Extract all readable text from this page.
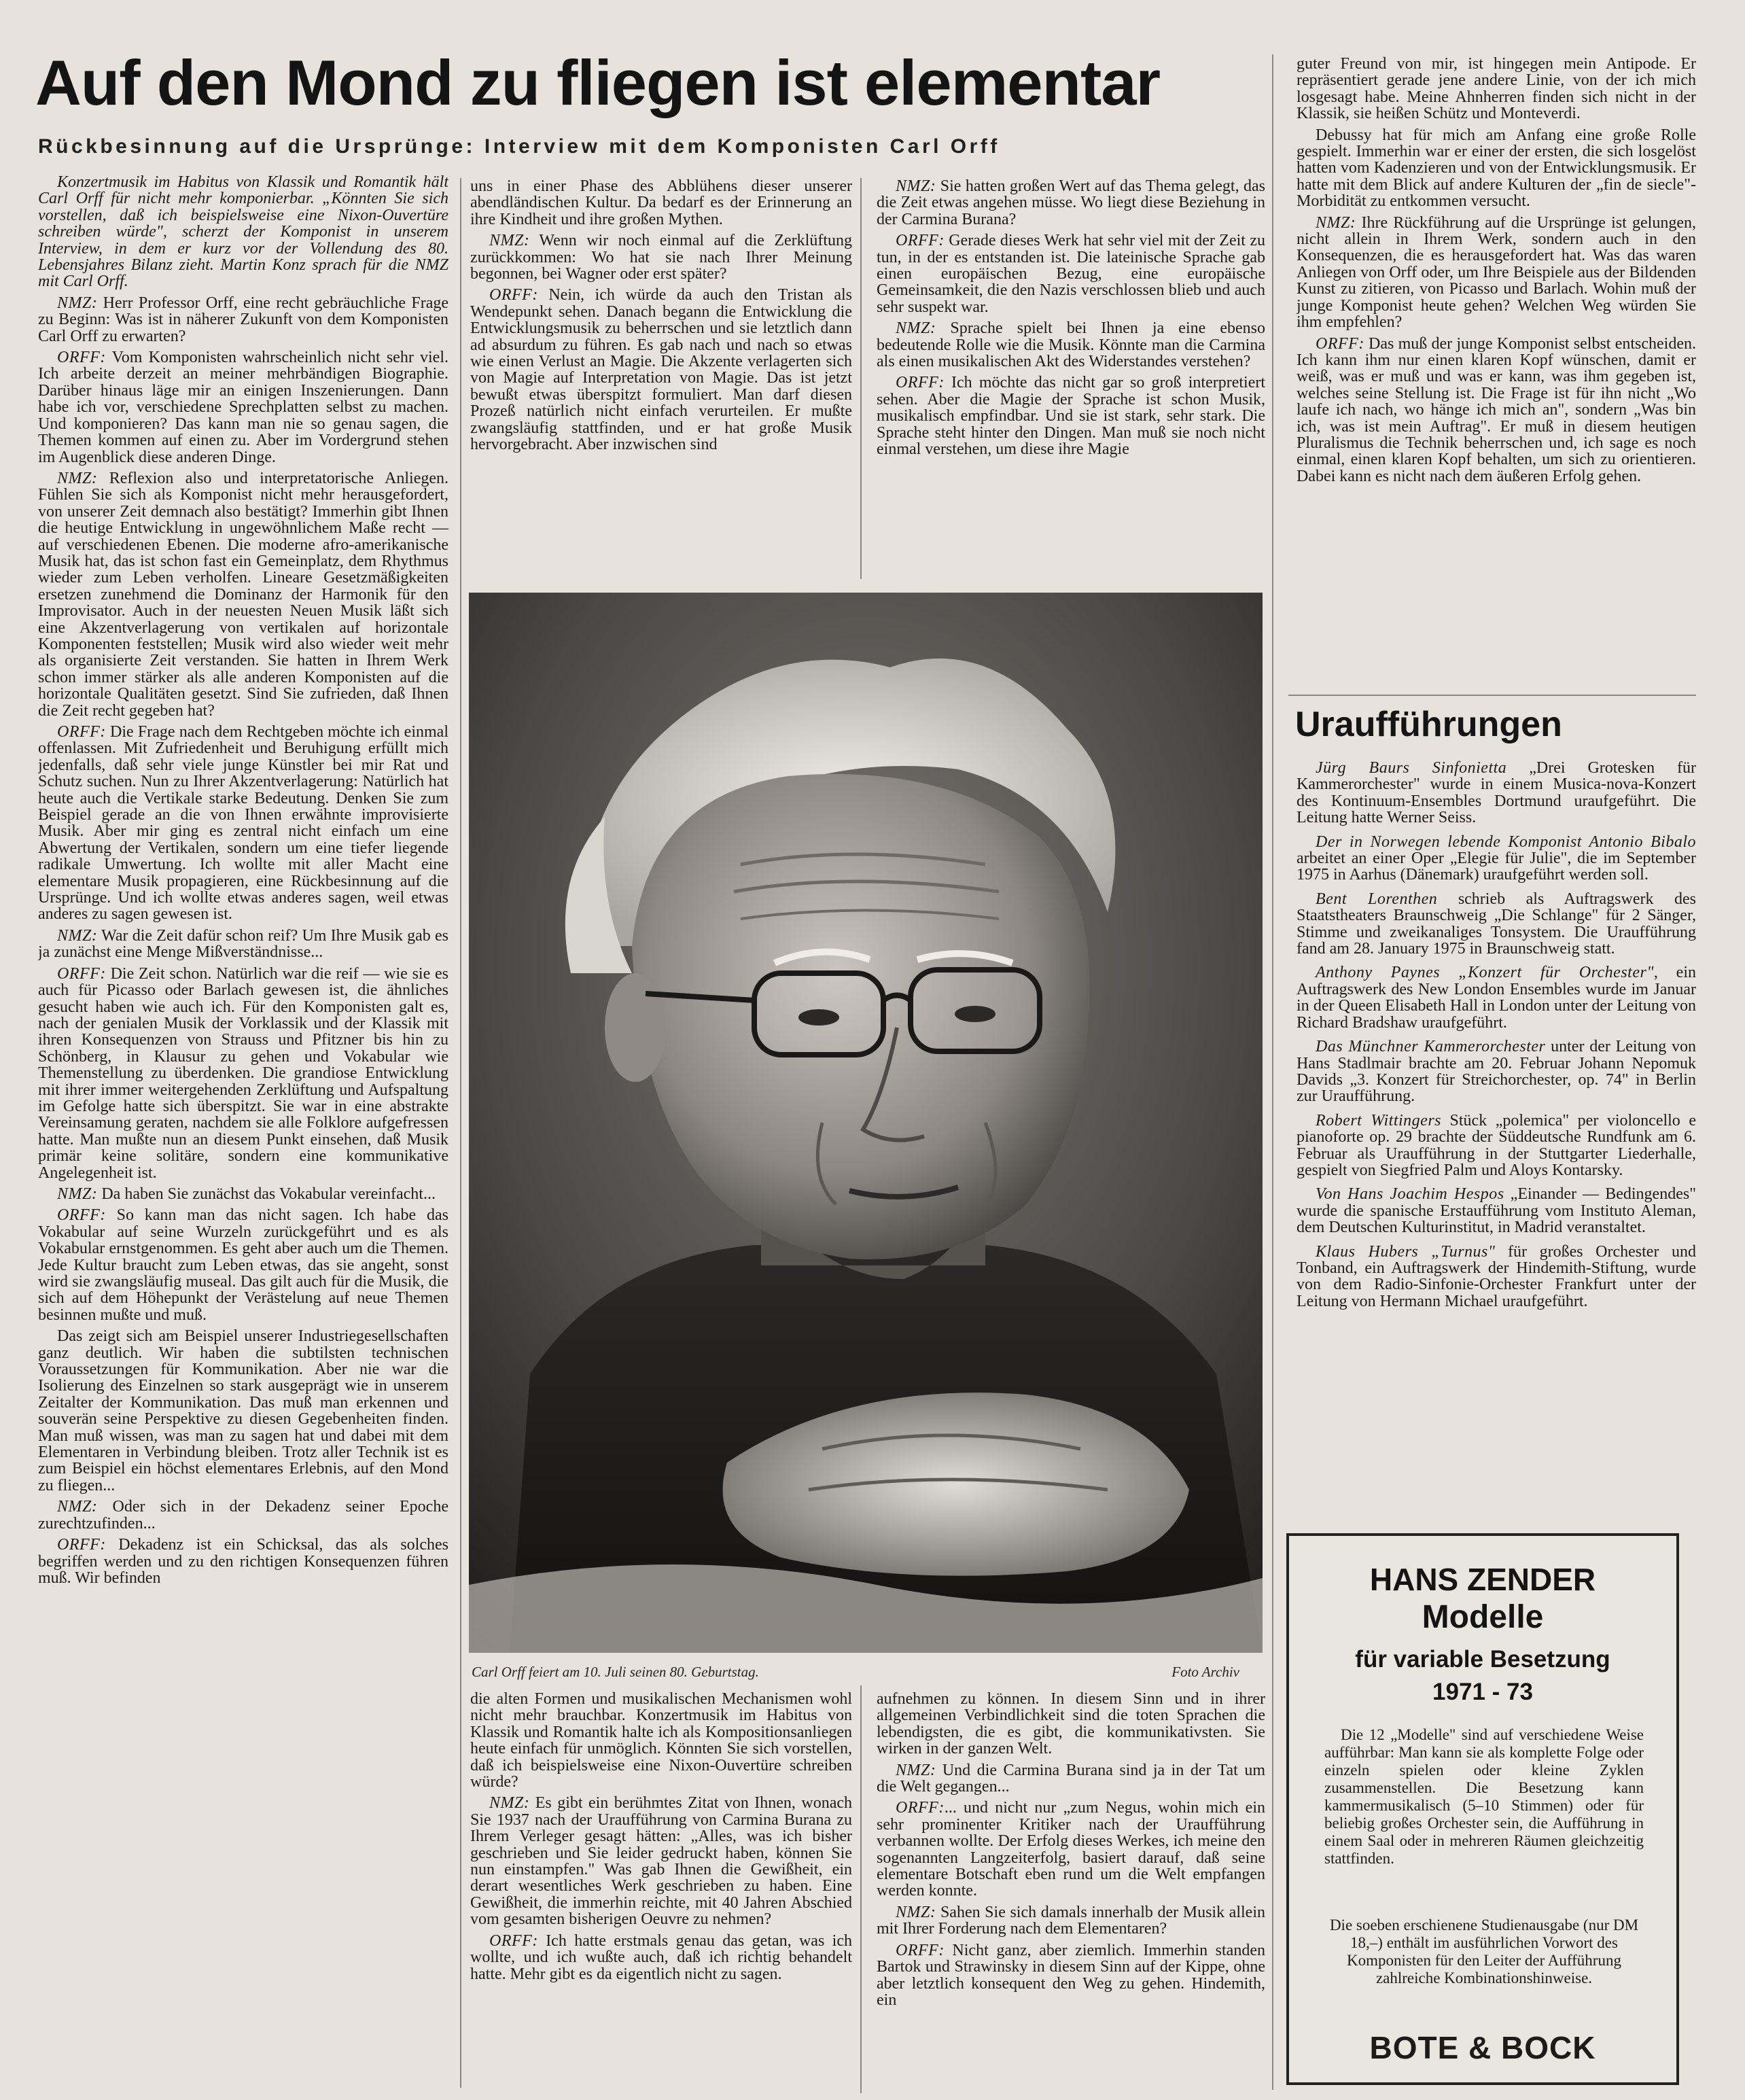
Auf den Mond zu fliegen ist elementar
Rückbesinnung auf die Ursprünge: Interview mit dem Komponisten Carl Orff

Konzertmusik im Habitus von Klassik und Romantik hält Carl Orff für nicht mehr komponierbar. „Könnten Sie sich vorstellen, daß ich beispielsweise eine Nixon-Ouvertüre schreiben würde", scherzt der Komponist in unserem Interview, in dem er kurz vor der Vollendung des 80. Lebensjahres Bilanz zieht. Martin Konz sprach für die NMZ mit Carl Orff.

NMZ: Herr Professor Orff, eine recht gebräuchliche Frage zu Beginn: Was ist in näherer Zukunft von dem Komponisten Carl Orff zu erwarten?

ORFF: Vom Komponisten wahrscheinlich nicht sehr viel. Ich arbeite derzeit an meiner mehrbändigen Biographie. Darüber hinaus läge mir an einigen Inszenierungen. Dann habe ich vor, verschiedene Sprechplatten selbst zu machen. Und komponieren? Das kann man nie so genau sagen, die Themen kommen auf einen zu. Aber im Vordergrund stehen im Augenblick diese anderen Dinge.

NMZ: Reflexion also und interpretatorische Anliegen. Fühlen Sie sich als Komponist nicht mehr herausgefordert, von unserer Zeit demnach also bestätigt? Immerhin gibt Ihnen die heutige Entwicklung in ungewöhnlichem Maße recht — auf verschiedenen Ebenen. Die moderne afro-amerikanische Musik hat, das ist schon fast ein Gemeinplatz, dem Rhythmus wieder zum Leben verholfen. Lineare Gesetzmäßigkeiten ersetzen zunehmend die Dominanz der Harmonik für den Improvisator. Auch in der neuesten Neuen Musik läßt sich eine Akzentverlagerung von vertikalen auf horizontale Komponenten feststellen; Musik wird also wieder weit mehr als organisierte Zeit verstanden. Sie hatten in Ihrem Werk schon immer stärker als alle anderen Komponisten auf die horizontale Qualitäten gesetzt. Sind Sie zufrieden, daß Ihnen die Zeit recht gegeben hat?

ORFF: Die Frage nach dem Rechtgeben möchte ich einmal offenlassen. Mit Zufriedenheit und Beruhigung erfüllt mich jedenfalls, daß sehr viele junge Künstler bei mir Rat und Schutz suchen. Nun zu Ihrer Akzentverlagerung: Natürlich hat heute auch die Vertikale starke Bedeutung. Denken Sie zum Beispiel gerade an die von Ihnen erwähnte improvisierte Musik. Aber mir ging es zentral nicht einfach um eine Abwertung der Vertikalen, sondern um eine tiefer liegende radikale Umwertung. Ich wollte mit aller Macht eine elementare Musik propagieren, eine Rückbesinnung auf die Ursprünge. Und ich wollte etwas anderes sagen, weil etwas anderes zu sagen gewesen ist.

NMZ: War die Zeit dafür schon reif? Um Ihre Musik gab es ja zunächst eine Menge Mißverständnisse...

ORFF: Die Zeit schon. Natürlich war die reif — wie sie es auch für Picasso oder Barlach gewesen ist, die ähnliches gesucht haben wie auch ich. Für den Komponisten galt es, nach der genialen Musik der Vorklassik und der Klassik mit ihren Konsequenzen von Strauss und Pfitzner bis hin zu Schönberg, in Klausur zu gehen und Vokabular wie Themenstellung zu überdenken. Die grandiose Entwicklung mit ihrer immer weitergehenden Zerklüftung und Aufspaltung im Gefolge hatte sich überspitzt. Sie war in eine abstrakte Vereinsamung geraten, nachdem sie alle Folklore aufgefressen hatte. Man mußte nun an diesem Punkt einsehen, daß Musik primär keine solitäre, sondern eine kommunikative Angelegenheit ist.

NMZ: Da haben Sie zunächst das Vokabular vereinfacht...

ORFF: So kann man das nicht sagen. Ich habe das Vokabular auf seine Wurzeln zurückgeführt und es als Vokabular ernstgenommen. Es geht aber auch um die Themen. Jede Kultur braucht zum Leben etwas, das sie angeht, sonst wird sie zwangsläufig museal. Das gilt auch für die Musik, die sich auf dem Höhepunkt der Verästelung auf neue Themen besinnen mußte und muß.

Das zeigt sich am Beispiel unserer Industriegesellschaften ganz deutlich. Wir haben die subtilsten technischen Voraussetzungen für Kommunikation. Aber nie war die Isolierung des Einzelnen so stark ausgeprägt wie in unserem Zeitalter der Kommunikation. Das muß man erkennen und souverän seine Perspektive zu diesen Gegebenheiten finden. Man muß wissen, was man zu sagen hat und dabei mit dem Elementaren in Verbindung bleiben. Trotz aller Technik ist es zum Beispiel ein höchst elementares Erlebnis, auf den Mond zu fliegen...

NMZ: Oder sich in der Dekadenz seiner Epoche zurechtzufinden...

ORFF: Dekadenz ist ein Schicksal, das als solches begriffen werden und zu den richtigen Konsequenzen führen muß. Wir befinden

uns in einer Phase des Abblühens dieser unserer abendländischen Kultur. Da bedarf es der Erinnerung an ihre Kindheit und ihre großen Mythen.

NMZ: Wenn wir noch einmal auf die Zerklüftung zurückkommen: Wo hat sie nach Ihrer Meinung begonnen, bei Wagner oder erst später?

ORFF: Nein, ich würde da auch den Tristan als Wendepunkt sehen. Danach begann die Entwicklung die Entwicklungsmusik zu beherrschen und sie letztlich dann ad absurdum zu führen. Es gab nach und nach so etwas wie einen Verlust an Magie. Die Akzente verlagerten sich von Magie auf Interpretation von Magie. Das ist jetzt bewußt etwas überspitzt formuliert. Man darf diesen Prozeß natürlich nicht einfach verurteilen. Er mußte zwangsläufig stattfinden, und er hat große Musik hervorgebracht. Aber inzwischen sind

NMZ: Sie hatten großen Wert auf das Thema gelegt, das die Zeit etwas angehen müsse. Wo liegt diese Beziehung in der Carmina Burana?

ORFF: Gerade dieses Werk hat sehr viel mit der Zeit zu tun, in der es entstanden ist. Die lateinische Sprache gab einen europäischen Bezug, eine europäische Gemeinsamkeit, die den Nazis verschlossen blieb und auch sehr suspekt war.

NMZ: Sprache spielt bei Ihnen ja eine ebenso bedeutende Rolle wie die Musik. Könnte man die Carmina als einen musikalischen Akt des Widerstandes verstehen?

ORFF: Ich möchte das nicht gar so groß interpretiert sehen. Aber die Magie der Sprache ist schon Musik, musikalisch empfindbar. Und sie ist stark, sehr stark. Die Sprache steht hinter den Dingen. Man muß sie noch nicht einmal verstehen, um diese ihre Magie

guter Freund von mir, ist hingegen mein Antipode. Er repräsentiert gerade jene andere Linie, von der ich mich losgesagt habe. Meine Ahnherren finden sich nicht in der Klassik, sie heißen Schütz und Monteverdi.

Debussy hat für mich am Anfang eine große Rolle gespielt. Immerhin war er einer der ersten, die sich losgelöst hatten vom Kadenzieren und von der Entwicklungsmusik. Er hatte mit dem Blick auf andere Kulturen der „fin de siecle"-Morbidität zu entkommen versucht.

NMZ: Ihre Rückführung auf die Ursprünge ist gelungen, nicht allein in Ihrem Werk, sondern auch in den Konsequenzen, die es herausgefordert hat. Was das waren Anliegen von Orff oder, um Ihre Beispiele aus der Bildenden Kunst zu zitieren, von Picasso und Barlach. Wohin muß der junge Komponist heute gehen? Welchen Weg würden Sie ihm empfehlen?

ORFF: Das muß der junge Komponist selbst entscheiden. Ich kann ihm nur einen klaren Kopf wünschen, damit er weiß, was er muß und was er kann, was ihm gegeben ist, welches seine Stellung ist. Die Frage ist für ihn nicht „Wo laufe ich nach, wo hänge ich mich an", sondern „Was bin ich, was ist mein Auftrag". Er muß in diesem heutigen Pluralismus die Technik beherrschen und, ich sage es noch einmal, einen klaren Kopf behalten, um sich zu orientieren. Dabei kann es nicht nach dem äußeren Erfolg gehen.

Carl Orff feiert am 10. Juli seinen 80. Geburtstag.	Foto Archiv

die alten Formen und musikalischen Mechanismen wohl nicht mehr brauchbar. Konzertmusik im Habitus von Klassik und Romantik halte ich als Kompositionsanliegen heute einfach für unmöglich. Könnten Sie sich vorstellen, daß ich beispielsweise eine Nixon-Ouvertüre schreiben würde?

NMZ: Es gibt ein berühmtes Zitat von Ihnen, wonach Sie 1937 nach der Uraufführung von Carmina Burana zu Ihrem Verleger gesagt hätten: „Alles, was ich bisher geschrieben und Sie leider gedruckt haben, können Sie nun einstampfen." Was gab Ihnen die Gewißheit, ein derart wesentliches Werk geschrieben zu haben. Eine Gewißheit, die immerhin reichte, mit 40 Jahren Abschied vom gesamten bisherigen Oeuvre zu nehmen?

ORFF: Ich hatte erstmals genau das getan, was ich wollte, und ich wußte auch, daß ich richtig behandelt hatte. Mehr gibt es da eigentlich nicht zu sagen.

aufnehmen zu können. In diesem Sinn und in ihrer allgemeinen Verbindlichkeit sind die toten Sprachen die lebendigsten, die es gibt, die kommunikativsten. Sie wirken in der ganzen Welt.

NMZ: Und die Carmina Burana sind ja in der Tat um die Welt gegangen...

ORFF:... und nicht nur „zum Negus, wohin mich ein sehr prominenter Kritiker nach der Uraufführung verbannen wollte. Der Erfolg dieses Werkes, ich meine den sogenannten Langzeiterfolg, basiert darauf, daß seine elementare Botschaft eben rund um die Welt empfangen werden konnte.

NMZ: Sahen Sie sich damals innerhalb der Musik allein mit Ihrer Forderung nach dem Elementaren?

ORFF: Nicht ganz, aber ziemlich. Immerhin standen Bartok und Strawinsky in diesem Sinn auf der Kippe, ohne aber letztlich konsequent den Weg zu gehen. Hindemith, ein

Uraufführungen

Jürg Baurs Sinfonietta „Drei Grotesken für Kammerorchester" wurde in einem Musica-nova-Konzert des Kontinuum-Ensembles Dortmund uraufgeführt. Die Leitung hatte Werner Seiss.

Der in Norwegen lebende Komponist Antonio Bibalo arbeitet an einer Oper „Elegie für Julie", die im September 1975 in Aarhus (Dänemark) uraufgeführt werden soll.

Bent Lorenthen schrieb als Auftragswerk des Staatstheaters Braunschweig „Die Schlange" für 2 Sänger, Stimme und zweikanaliges Tonsystem. Die Uraufführung fand am 28. January 1975 in Braunschweig statt.

Anthony Paynes „Konzert für Orchester", ein Auftragswerk des New London Ensembles wurde im Januar in der Queen Elisabeth Hall in London unter der Leitung von Richard Bradshaw uraufgeführt.

Das Münchner Kammerorchester unter der Leitung von Hans Stadlmair brachte am 20. Februar Johann Nepomuk Davids „3. Konzert für Streichorchester, op. 74" in Berlin zur Uraufführung.

Robert Wittingers Stück „polemica" per violoncello e pianoforte op. 29 brachte der Süddeutsche Rundfunk am 6. Februar als Uraufführung in der Stuttgarter Liederhalle, gespielt von Siegfried Palm und Aloys Kontarsky.

Von Hans Joachim Hespos „Einander — Bedingendes" wurde die spanische Erstaufführung vom Instituto Aleman, dem Deutschen Kulturinstitut, in Madrid veranstaltet.

Klaus Hubers „Turnus" für großes Orchester und Tonband, ein Auftragswerk der Hindemith-Stiftung, wurde von dem Radio-Sinfonie-Orchester Frankfurt unter der Leitung von Hermann Michael uraufgeführt.

HANS ZENDER
Modelle
für variable Besetzung
1971 - 73

Die 12 „Modelle" sind auf verschiedene Weise aufführbar: Man kann sie als komplette Folge oder einzeln spielen oder kleine Zyklen zusammenstellen. Die Besetzung kann kammermusikalisch (5–10 Stimmen) oder für beliebig großes Orchester sein, die Aufführung in einem Saal oder in mehreren Räumen gleichzeitig stattfinden.

Die soeben erschienene Studienausgabe (nur DM 18,–) enthält im ausführlichen Vorwort des Komponisten für den Leiter der Aufführung zahlreiche Kombinationshinweise.

BOTE & BOCK
